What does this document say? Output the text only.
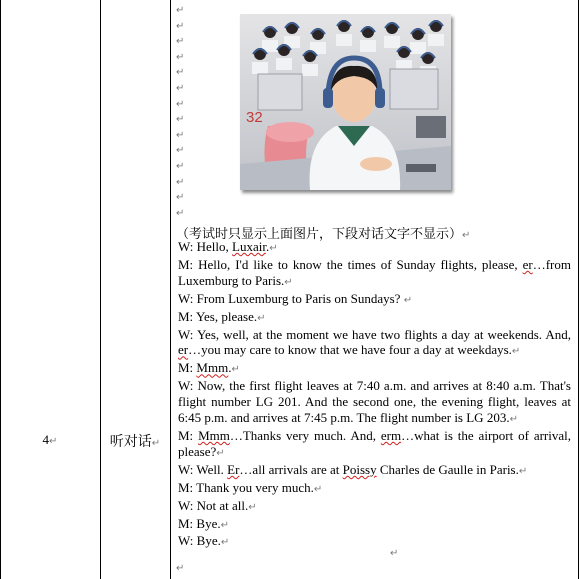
4↵	听对话↵
↵
↵
↵
↵
↵
↵
↵
↵
↵
↵
↵
↵
↵
↵
32
（考试时只显示上面图片，下段对话文字不显示）↵

W: Hello, Luxair.↵

M: Hello, I'd like to know the times of Sunday flights, please, er…from Luxemburg to Paris.↵

W: From Luxemburg to Paris on Sundays? ↵

M: Yes, please.↵

W: Yes, well, at the moment we have two flights a day at weekends. And, er…you may care to know that we have four a day at weekdays.↵

M: Mmm.↵

W: Now, the first flight leaves at 7:40 a.m. and arrives at 8:40 a.m. That's flight number LG 201. And the second one, the evening flight, leaves at 6:45 p.m. and arrives at 7:45 p.m. The flight number is LG 203.↵

M: Mmm…Thanks very much. And, erm…what is the airport of arrival, please?↵

W: Well. Er…all arrivals are at Poissy Charles de Gaulle in Paris.↵

M: Thank you very much.↵

W: Not at all.↵

M: Bye.↵

W: Bye.↵

↵
↵
